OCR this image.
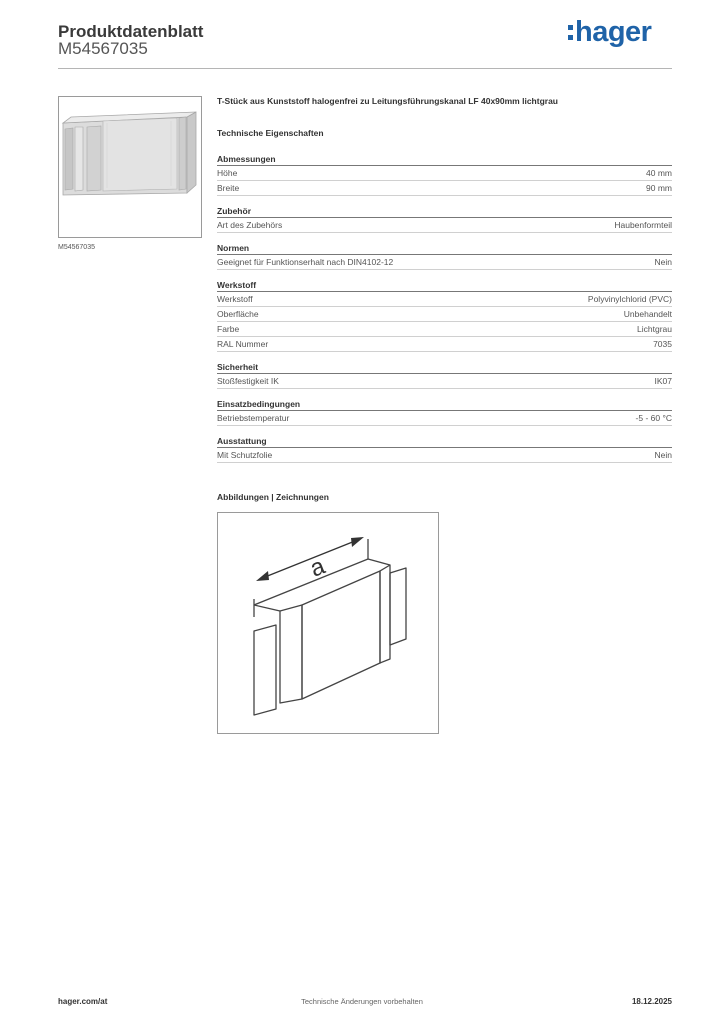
Produktdatenblatt
M54567035
hager
M54567035
T-Stück aus Kunststoff halogenfrei zu Leitungsführungskanal LF 40x90mm lichtgrau
Technische Eigenschaften
Abmessungen
Höhe	40 mm
Breite	90 mm
Zubehör
Art des Zubehörs	Haubenformteil
Normen
Geeignet für Funktionserhalt nach DIN4102-12	Nein
Werkstoff
Werkstoff	Polyvinylchlorid (PVC)
Oberfläche	Unbehandelt
Farbe	Lichtgrau
RAL Nummer	7035
Sicherheit
Stoßfestigkeit IK	IK07
Einsatzbedingungen
Betriebstemperatur	-5 - 60 °C
Ausstattung
Mit Schutzfolie	Nein
Abbildungen | Zeichnungen
a
hager.com/at	Technische Änderungen vorbehalten	18.12.2025
